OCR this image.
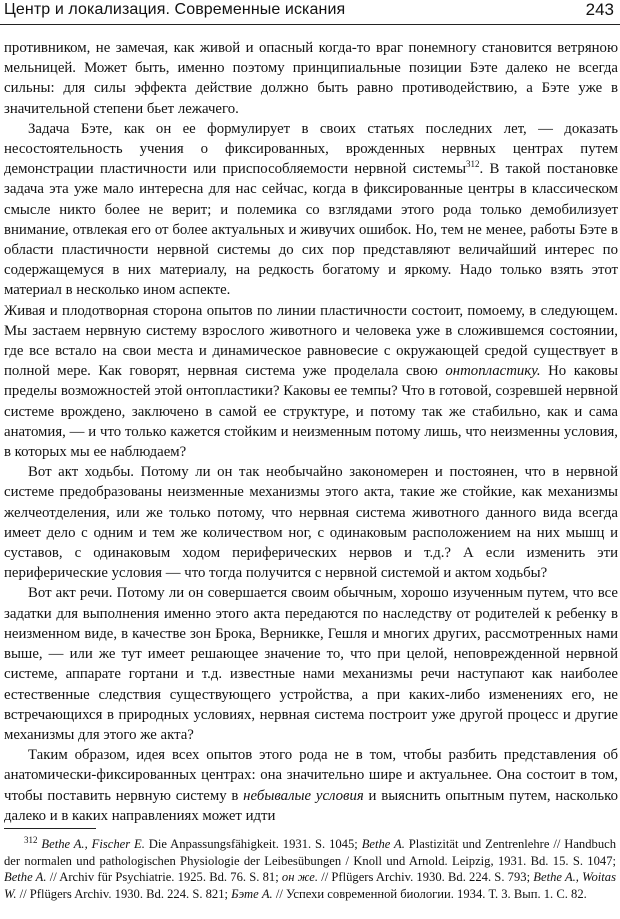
Центр и локализация. Современные искания	243

противником, не замечая, как живой и опасный когда-то враг понемногу становится ветряною мельницей. Может быть, именно поэтому принципиальные позиции Бэте далеко не всегда сильны: для силы эффекта действие должно быть равно противодействию, а Бэте уже в значительной степени бьет лежачего.

Задача Бэте, как он ее формулирует в своих статьях последних лет, — доказать несостоятельность учения о фиксированных, врожденных нервных центрах путем демонстрации пластичности или приспособляемости нервной системы$^{312}$. В такой постановке задача эта уже мало интересна для нас сейчас, когда в фиксированные центры в классическом смысле никто более не верит; и полемика со взглядами этого рода только демобилизует внимание, отвлекая его от более актуальных и живучих ошибок. Но, тем не менее, работы Бэте в области пластичности нервной системы до сих пор представляют величайший интерес по содержащемуся в них материалу, на редкость богатому и яркому. Надо только взять этот материал в несколько ином аспекте.

Живая и плодотворная сторона опытов по линии пластичности состоит, помоему, в следующем. Мы застаем нервную систему взрослого животного и человека уже в сложившемся состоянии, где все встало на свои места и динамическое равновесие с окружающей средой существует в полной мере. Как говорят, нервная система уже проделала свою онтопластику. Но каковы пределы возможностей этой онтопластики? Каковы ее темпы? Что в готовой, созревшей нервной системе врождено, заключено в самой ее структуре, и потому так же стабильно, как и сама анатомия, — и что только кажется стойким и неизменным потому лишь, что неизменны условия, в которых мы ее наблюдаем?

Вот акт ходьбы. Потому ли он так необычайно закономерен и постоянен, что в нервной системе предобразованы неизменные механизмы этого акта, такие же стойкие, как механизмы желчеотделения, или же только потому, что нервная система животного данного вида всегда имеет дело с одним и тем же количеством ног, с одинаковым расположением на них мышц и суставов, с одинаковым ходом периферических нервов и т.д.? А если изменить эти периферические условия — что тогда получится с нервной системой и актом ходьбы?

Вот акт речи. Потому ли он совершается своим обычным, хорошо изученным путем, что все задатки для выполнения именно этого акта передаются по наследству от родителей к ребенку в неизменном виде, в качестве зон Брока, Верникке, Гешля и многих других, рассмотренных нами выше, — или же тут имеет решающее значение то, что при целой, неповрежденной нервной системе, аппарате гортани и т.д. известные нами механизмы речи наступают как наиболее естественные следствия существующего устройства, а при каких-либо изменениях его, не встречающихся в природных условиях, нервная система построит уже другой процесс и другие механизмы для этого же акта?

Таким образом, идея всех опытов этого рода не в том, чтобы разбить представления об анатомически-фиксированных центрах: она значительно шире и актуальнее. Она состоит в том, чтобы поставить нервную систему в небывалые условия и выяснить опытным путем, насколько далеко и в каких направлениях может идти

$^{312}$ Bethe A., Fischer E. Die Anpassungsfähigkeit. 1931. S. 1045; Bethe A. Plastizität und Zentrenlehre // Handbuch der normalen und pathologischen Physiologie der Leibesübungen / Knoll und Arnold. Leipzig, 1931. Bd. 15. S. 1047; Bethe A. // Archiv für Psychiatrie. 1925. Bd. 76. S. 81; он же. // Pflügers Archiv. 1930. Bd. 224. S. 793; Bethe A., Woitas W. // Pflügers Archiv. 1930. Bd. 224. S. 821; Бэте А. // Успехи современной биологии. 1934. Т. 3. Вып. 1. С. 82.
